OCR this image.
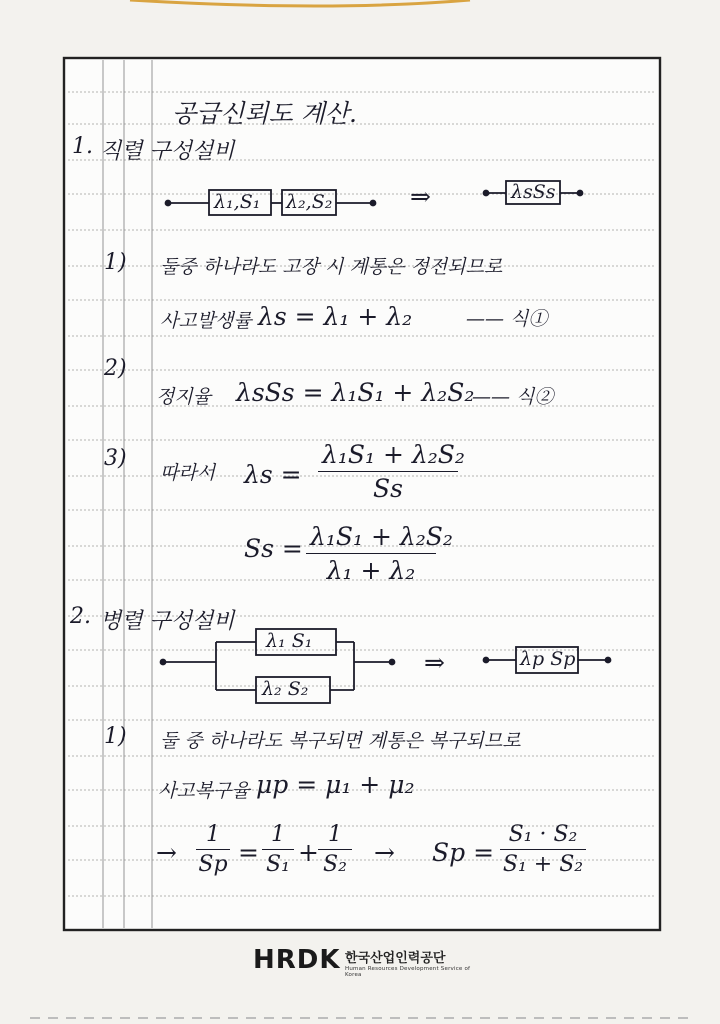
공급신뢰도 계산.
1. 직렬 구성설비
λ₁,S₁ λ₂,S₂	⇒	λsSs
1) 둘중 하나라도 고장 시 계통은 정전되므로
사고발생률 λs = λ₁ + λ₂	—— 식①
2)
정지율 λsSs = λ₁S₁ + λ₂S₂
—— 식②
3)
따라서 $\lambda s = \frac{\text{λ₁S₁ + λ₂S₂}}{Ss}$
$Ss = \frac{\text{λ₁S₁ + λ₂S₂}}{\text{λ₁ + λ₂}}$
2. 병렬 구성설비
λ₁ S₁
λ₂ S₂
⇒	λp Sp
1) 둘 중 하나라도 복구되면 계통은 복구되므로
사고복구율 μp = μ₁ + μ₂
→ $\frac{1}{Sp} = \frac{1}{\text{S₁}} + \frac{1}{\text{S₂}} \to Sp = \frac{\text{S₁ · S₂}}{\text{S₁ + S₂}}$
HRDK 한국산업인력공단
Human Resources Development Service of Korea
